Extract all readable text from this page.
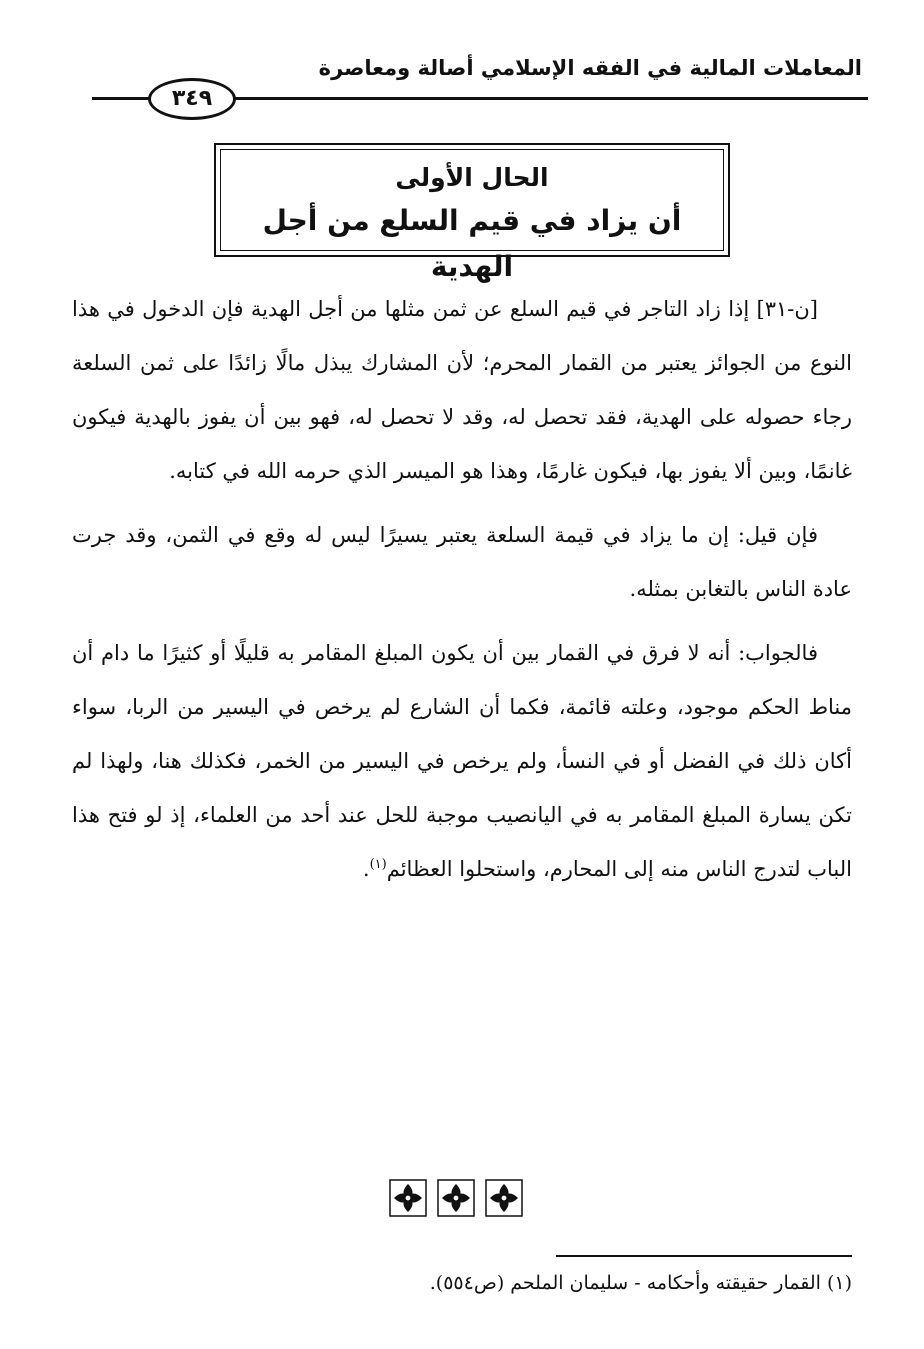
المعاملات المالية في الفقه الإسلامي أصالة ومعاصرة
٣٤٩
الحال الأولى
أن يزاد في قيم السلع من أجل الهدية

[ن-٣١] إذا زاد التاجر في قيم السلع عن ثمن مثلها من أجل الهدية فإن الدخول في هذا النوع من الجوائز يعتبر من القمار المحرم؛ لأن المشارك يبذل مالًا زائدًا على ثمن السلعة رجاء حصوله على الهدية، فقد تحصل له، وقد لا تحصل له، فهو بين أن يفوز بالهدية فيكون غانمًا، وبين ألا يفوز بها، فيكون غارمًا، وهذا هو الميسر الذي حرمه الله في كتابه.

فإن قيل: إن ما يزاد في قيمة السلعة يعتبر يسيرًا ليس له وقع في الثمن، وقد جرت عادة الناس بالتغابن بمثله.

فالجواب: أنه لا فرق في القمار بين أن يكون المبلغ المقامر به قليلًا أو كثيرًا ما دام أن مناط الحكم موجود، وعلته قائمة، فكما أن الشارع لم يرخص في اليسير من الربا، سواء أكان ذلك في الفضل أو في النسأ، ولم يرخص في اليسير من الخمر، فكذلك هنا، ولهذا لم تكن يسارة المبلغ المقامر به في اليانصيب موجبة للحل عند أحد من العلماء، إذ لو فتح هذا الباب لتدرج الناس منه إلى المحارم، واستحلوا العظائم$^{(١)}$.

(١) القمار حقيقته وأحكامه - سليمان الملحم (ص٥٥٤).
